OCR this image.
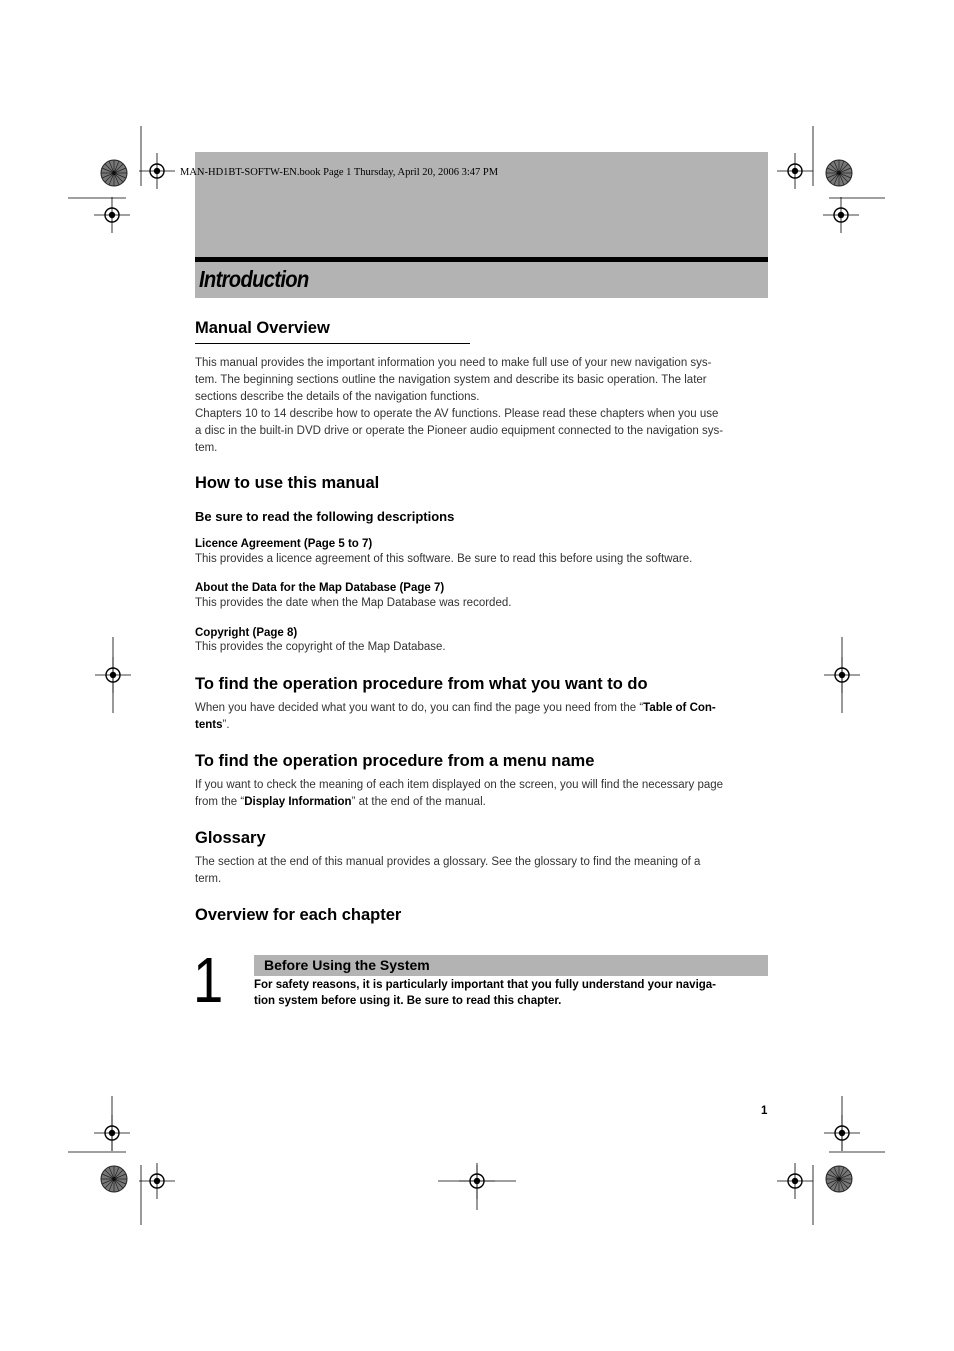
MAN-HD1BT-SOFTW-EN.book Page 1 Thursday, April 20, 2006 3:47 PM
Introduction
Manual Overview
This manual provides the important information you need to make full use of your new navigation sys-
tem. The beginning sections outline the navigation system and describe its basic operation. The later
sections describe the details of the navigation functions.
Chapters 10 to 14 describe how to operate the AV functions. Please read these chapters when you use
a disc in the built-in DVD drive or operate the Pioneer audio equipment connected to the navigation sys-
tem.
How to use this manual
Be sure to read the following descriptions
Licence Agreement (Page 5 to 7)
This provides a licence agreement of this software. Be sure to read this before using the software.
About the Data for the Map Database (Page 7)
This provides the date when the Map Database was recorded.
Copyright (Page 8)
This provides the copyright of the Map Database.
To find the operation procedure from what you want to do
When you have decided what you want to do, you can find the page you need from the “Table of Con-
tents”.
To find the operation procedure from a menu name
If you want to check the meaning of each item displayed on the screen, you will find the necessary page
from the “Display Information” at the end of the manual.
Glossary
The section at the end of this manual provides a glossary. See the glossary to find the meaning of a
term.
Overview for each chapter
1	Before Using the System
For safety reasons, it is particularly important that you fully understand your naviga-
tion system before using it. Be sure to read this chapter.
1
